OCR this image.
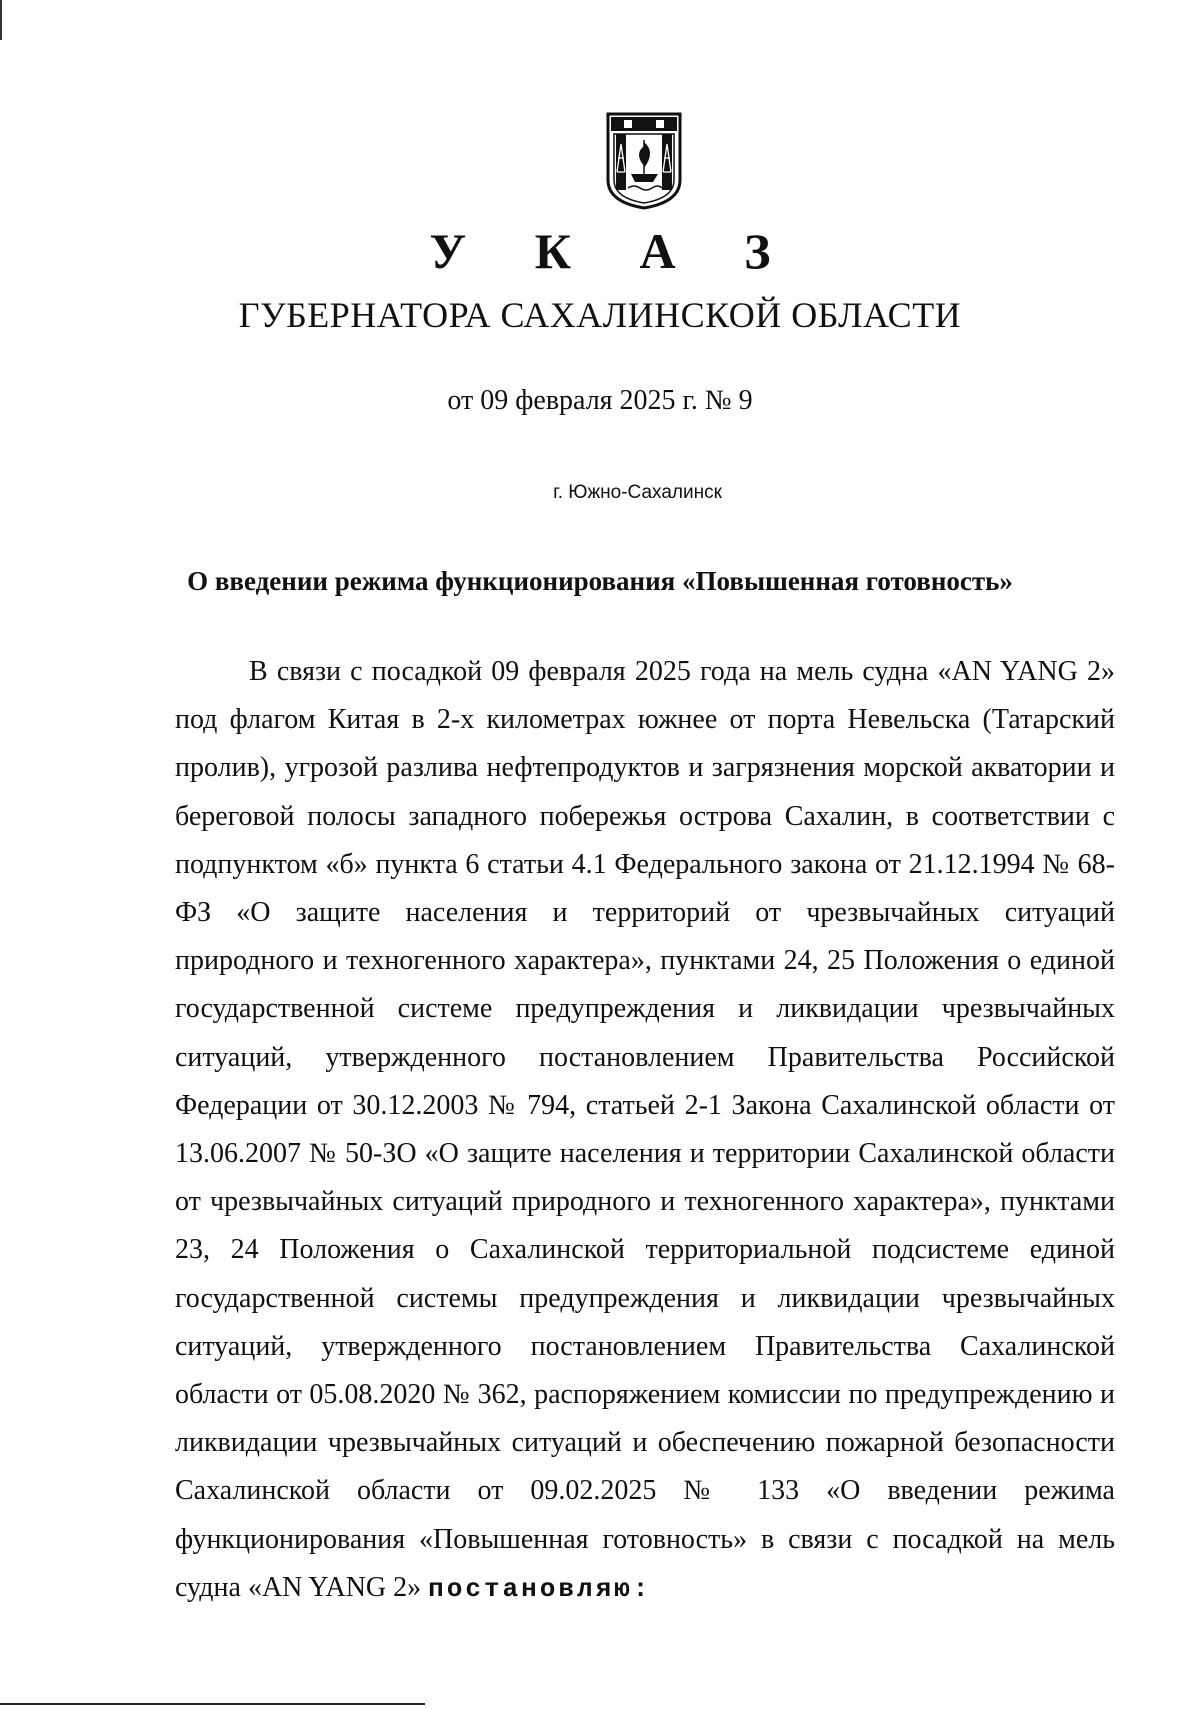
У К А З
ГУБЕРНАТОРА САХАЛИНСКОЙ ОБЛАСТИ
от 09 февраля 2025 г. № 9
г. Южно-Сахалинск
О введении режима функционирования «Повышенная готовность»

В связи с посадкой 09 февраля 2025 года на мель судна «AN YANG 2» под флагом Китая в 2-х километрах южнее от порта Невельска (Татарский пролив), угрозой разлива нефтепродуктов и загрязнения морской акватории и береговой полосы западного побережья острова Сахалин, в соответствии с подпунктом «б» пункта 6 статьи 4.1 Федерального закона от 21.12.1994 № 68-ФЗ «О защите населения и территорий от чрезвычайных ситуаций природного и техногенного характера», пунктами 24, 25 Положения о единой государственной системе предупреждения и ликвидации чрезвычайных ситуаций, утвержденного постановлением Правительства Российской Федерации от 30.12.2003 № 794, статьей 2-1 Закона Сахалинской области от 13.06.2007 № 50-ЗО «О защите населения и территории Сахалинской области от чрезвычайных ситуаций природного и техногенного характера», пунктами 23, 24 Положения о Сахалинской территориальной подсистеме единой государственной системы предупреждения и ликвидации чрезвычайных ситуаций, утвержденного постановлением Правительства Сахалинской области от 05.08.2020 № 362, распоряжением комиссии по предупреждению и ликвидации чрезвычайных ситуаций и обеспечению пожарной безопасности Сахалинской области от 09.02.2025 № 133 «О введении режима функционирования «Повышенная готовность» в связи с посадкой на мель судна «AN YANG 2» постановляю:
